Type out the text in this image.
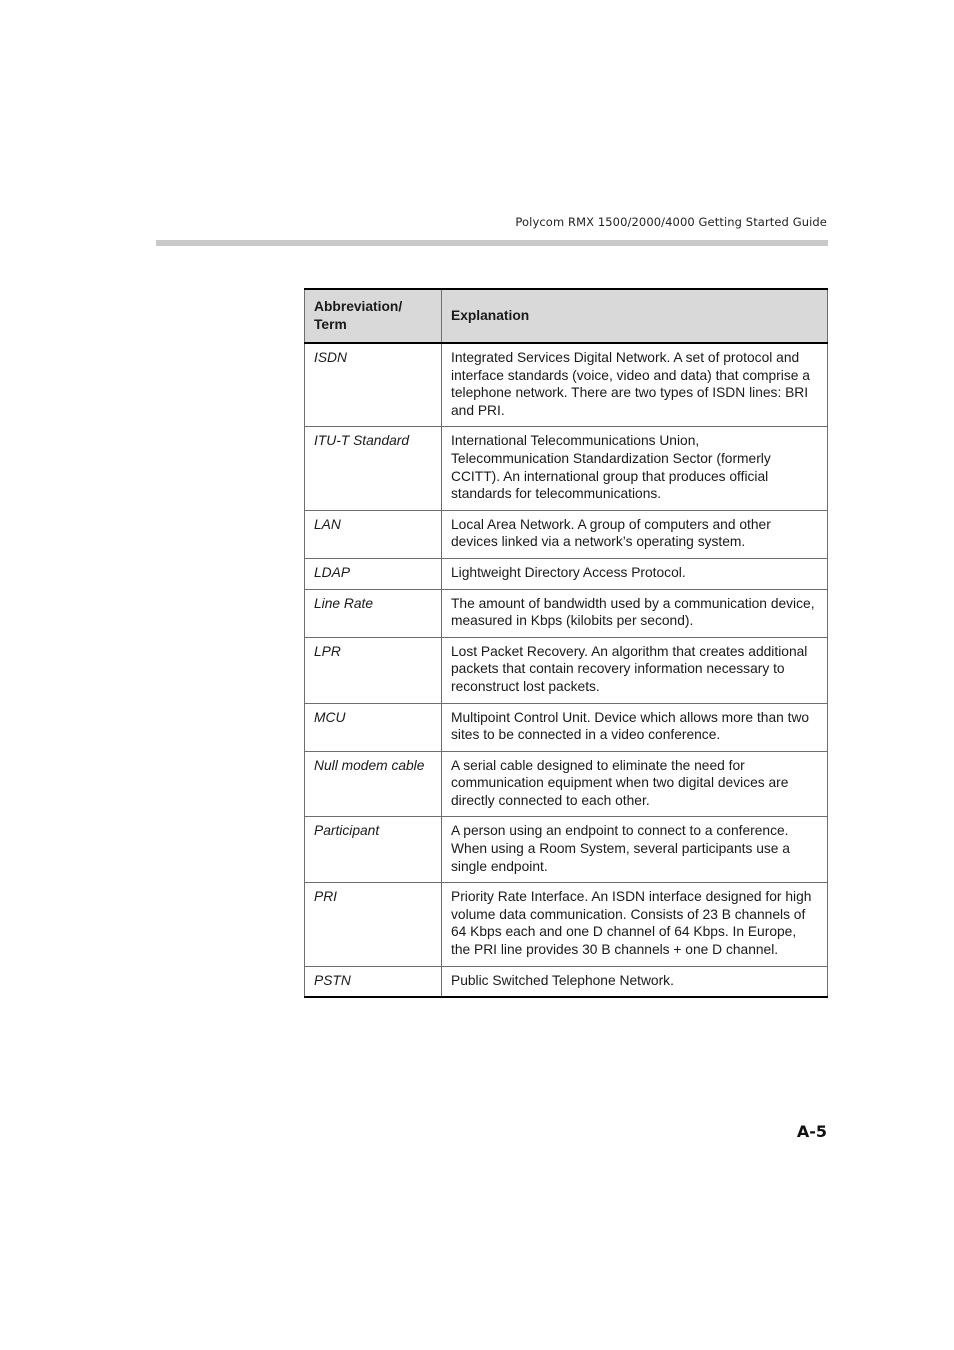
Polycom RMX 1500/2000/4000 Getting Started Guide
Abbreviation/
Term	Explanation
ISDN	Integrated Services Digital Network. A set of protocol and interface standards (voice, video and data) that comprise a telephone network. There are two types of ISDN lines: BRI and PRI.
ITU-T Standard	International Telecommunications Union, Telecommunication Standardization Sector (formerly CCITT). An international group that produces official standards for telecommunications.
LAN	Local Area Network. A group of computers and other devices linked via a network’s operating system.
LDAP	Lightweight Directory Access Protocol.
Line Rate	The amount of bandwidth used by a communication device, measured in Kbps (kilobits per second).
LPR	Lost Packet Recovery. An algorithm that creates additional packets that contain recovery information necessary to reconstruct lost packets.
MCU	Multipoint Control Unit. Device which allows more than two sites to be connected in a video conference.
Null modem cable	A serial cable designed to eliminate the need for communication equipment when two digital devices are directly connected to each other.
Participant	A person using an endpoint to connect to a conference. When using a Room System, several participants use a single endpoint.
PRI	Priority Rate Interface. An ISDN interface designed for high volume data communication. Consists of 23 B channels of 64 Kbps each and one D channel of 64 Kbps. In Europe, the PRI line provides 30 B channels + one D channel.
PSTN	Public Switched Telephone Network.
A-5
